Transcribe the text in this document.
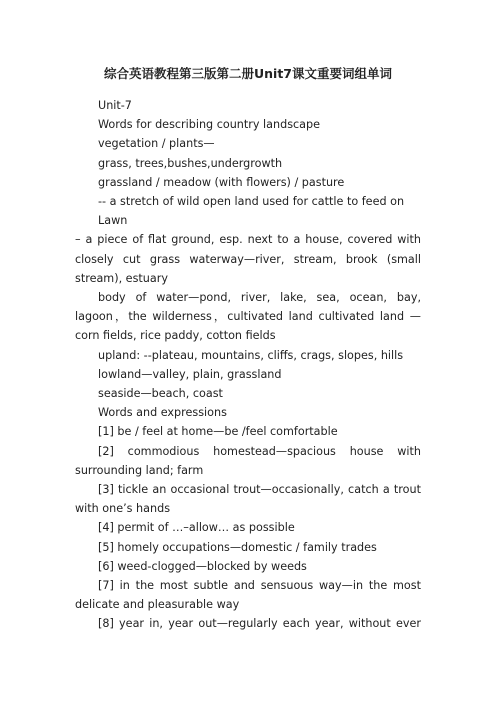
综合英语教程第三版第二册Unit7课文重要词组单词

Unit-7

Words for describing country landscape

vegetation / plants—

grass, trees,bushes,undergrowth

grassland / meadow (with flowers) / pasture

-- a stretch of wild open land used for cattle to feed on

Lawn

– a piece of flat ground, esp. next to a house, covered with closely cut grass waterway—river, stream, brook (small stream), estuary

body of water—pond, river, lake, sea, ocean, bay, lagoon，the wilderness，cultivated land cultivated land —corn fields, rice paddy, cotton fields

upland: --plateau, mountains, cliffs, crags, slopes, hills

lowland—valley, plain, grassland

seaside—beach, coast

Words and expressions

[1] be / feel at home—be /feel comfortable

[2] commodious homestead—spacious house with surrounding land; farm

[3] tickle an occasional trout—occasionally, catch a trout with one’s hands

[4] permit of …–allow… as possible

[5] homely occupations—domestic / family trades

[6] weed-clogged—blocked by weeds

[7] in the most subtle and sensuous way—in the most delicate and pleasurable way

[8] year in, year out—regularly each year, without ever
